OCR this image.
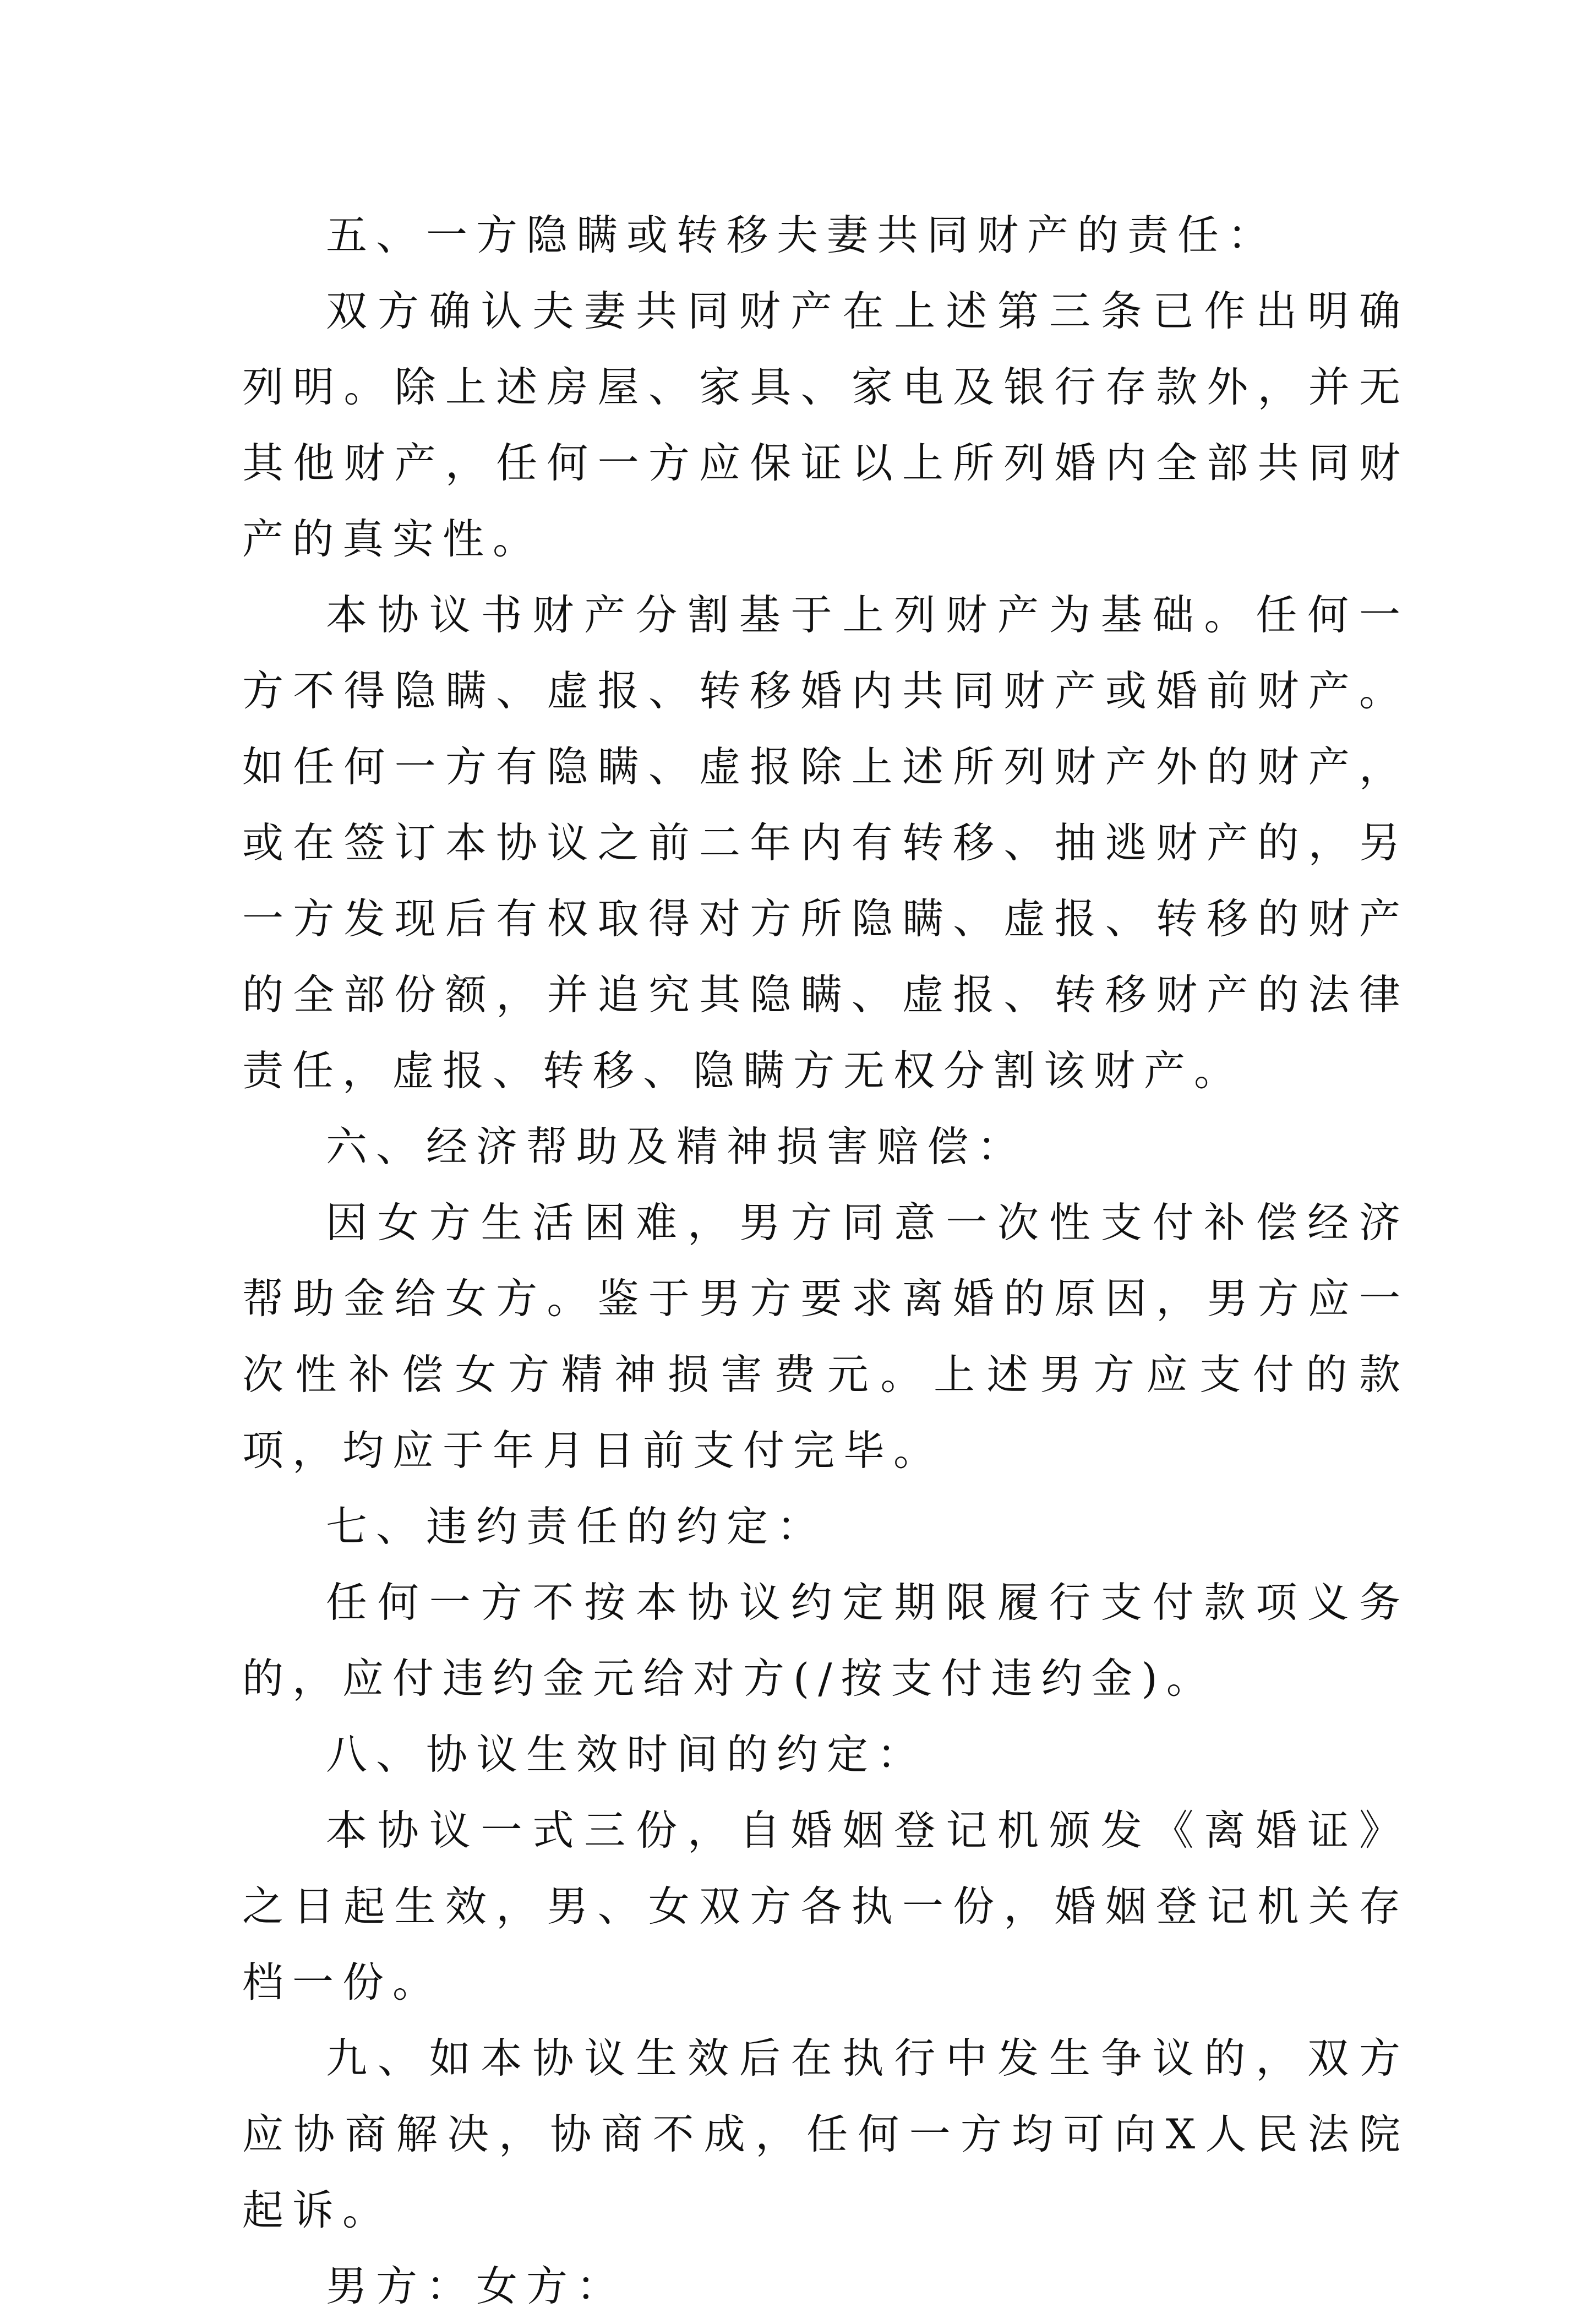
五、一方隐瞒或转移夫妻共同财产的责任：

双方确认夫妻共同财产在上述第三条已作出明确列明。除上述房屋、家具、家电及银行存款外，并无其他财产，任何一方应保证以上所列婚内全部共同财产的真实性。

本协议书财产分割基于上列财产为基础。任何一方不得隐瞒、虚报、转移婚内共同财产或婚前财产。如任何一方有隐瞒、虚报除上述所列财产外的财产，或在签订本协议之前二年内有转移、抽逃财产的，另一方发现后有权取得对方所隐瞒、虚报、转移的财产的全部份额，并追究其隐瞒、虚报、转移财产的法律责任，虚报、转移、隐瞒方无权分割该财产。

六、经济帮助及精神损害赔偿：

因女方生活困难，男方同意一次性支付补偿经济帮助金给女方。鉴于男方要求离婚的原因，男方应一次性补偿女方精神损害费元。上述男方应支付的款项，均应于年月日前支付完毕。

七、违约责任的约定：

任何一方不按本协议约定期限履行支付款项义务的，应付违约金元给对方(/按支付违约金)。

八、协议生效时间的约定：

本协议一式三份，自婚姻登记机颁发《离婚证》之日起生效，男、女双方各执一份，婚姻登记机关存档一份。

九、如本协议生效后在执行中发生争议的，双方应协商解决，协商不成，任何一方均可向X人民法院起诉。

男方：女方：
